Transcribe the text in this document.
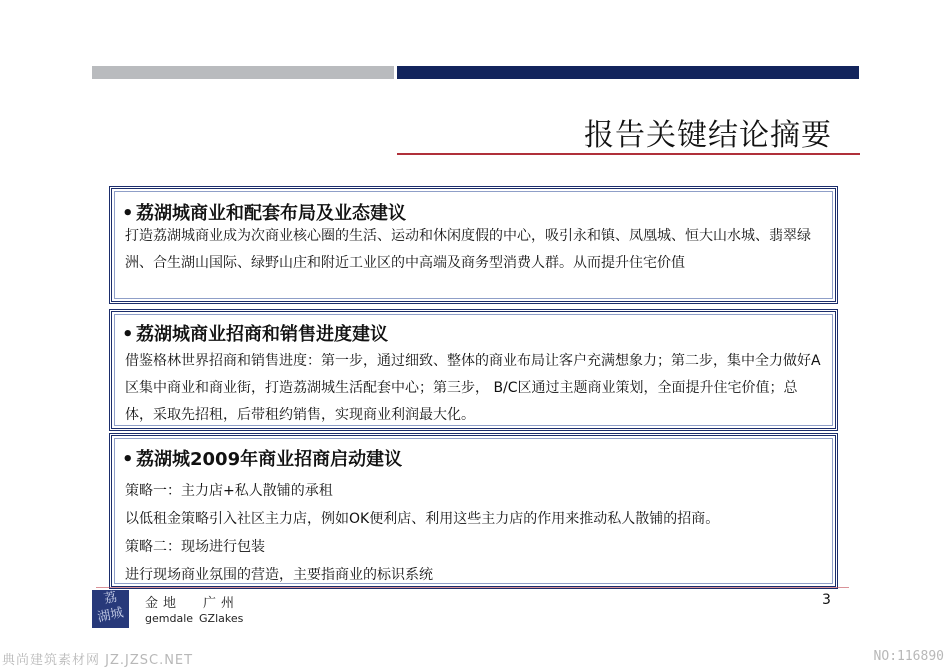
报告关键结论摘要
• 荔湖城商业和配套布局及业态建议
打造荔湖城商业成为次商业核心圈的生活、运动和休闲度假的中心，吸引永和镇、凤凰城、恒大山水城、翡翠绿洲、合生湖山国际、绿野山庄和附近工业区的中高端及商务型消费人群。从而提升住宅价值
• 荔湖城商业招商和销售进度建议
借鉴格林世界招商和销售进度：第一步，通过细致、整体的商业布局让客户充满想象力；第二步，集中全力做好A区集中商业和商业街，打造荔湖城生活配套中心；第三步， B/C区通过主题商业策划，全面提升住宅价值；总体，采取先招租，后带租约销售，实现商业利润最大化。
• 荔湖城2009年商业招商启动建议

策略一：主力店+私人散铺的承租

以低租金策略引入社区主力店，例如OK便利店、利用这些主力店的作用来推动私人散铺的招商。

策略二：现场进行包装

进行现场商业氛围的营造，主要指商业的标识系统

荔
湖城
金地 广州
gemdale GZlakes
3
典尚建筑素材网 JZ.JZSC.NET	NO:116890
